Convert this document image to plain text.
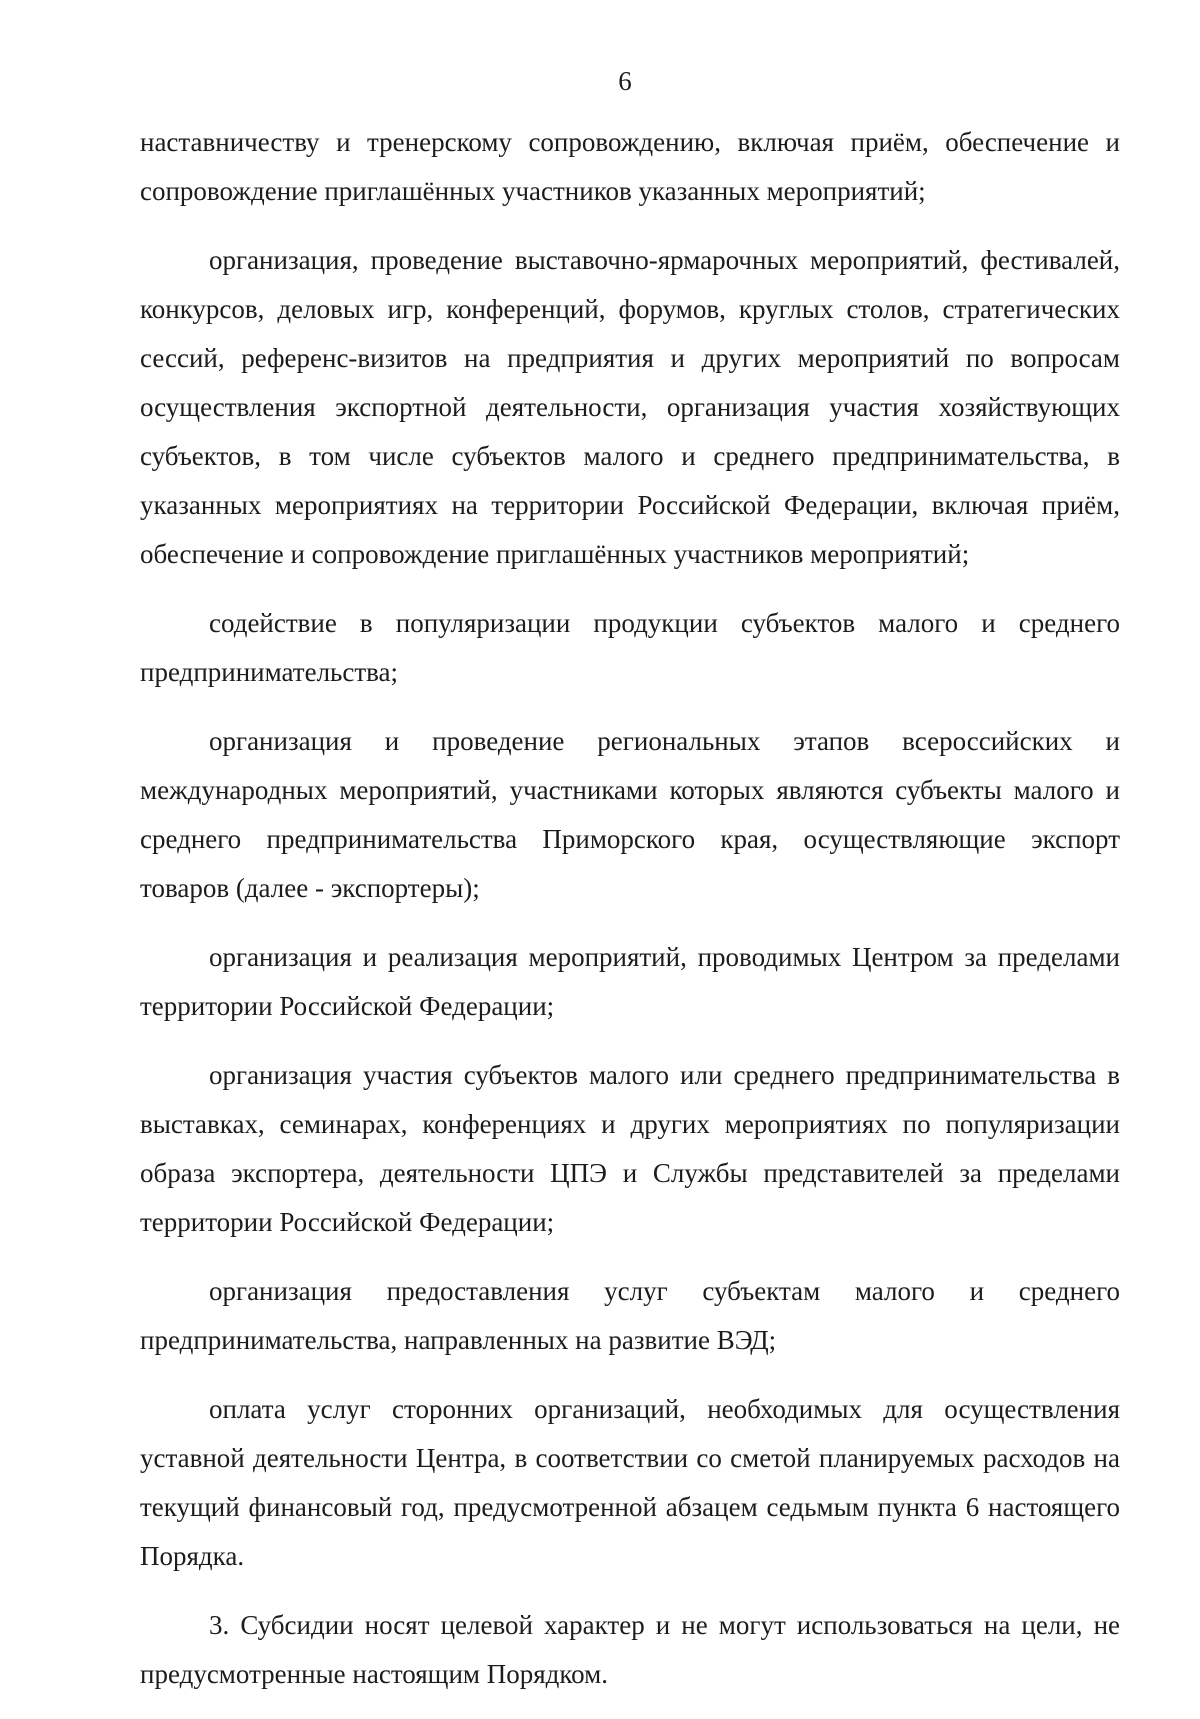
6

наставничеству и тренерскому сопровождению, включая приём, обеспечение и сопровождение приглашённых участников указанных мероприятий;

организация, проведение выставочно-ярмарочных мероприятий, фестивалей, конкурсов, деловых игр, конференций, форумов, круглых столов, стратегических сессий, референс-визитов на предприятия и других мероприятий по вопросам осуществления экспортной деятельности, организация участия хозяйствующих субъектов, в том числе субъектов малого и среднего предпринимательства, в указанных мероприятиях на территории Российской Федерации, включая приём, обеспечение и сопровождение приглашённых участников мероприятий;

содействие в популяризации продукции субъектов малого и среднего предпринимательства;

организация и проведение региональных этапов всероссийских и международных мероприятий, участниками которых являются субъекты малого и среднего предпринимательства Приморского края, осуществляющие экспорт товаров (далее - экспортеры);

организация и реализация мероприятий, проводимых Центром за пределами территории Российской Федерации;

организация участия субъектов малого или среднего предпринимательства в выставках, семинарах, конференциях и других мероприятиях по популяризации образа экспортера, деятельности ЦПЭ и Службы представителей за пределами территории Российской Федерации;

организация предоставления услуг субъектам малого и среднего предпринимательства, направленных на развитие ВЭД;

оплата услуг сторонних организаций, необходимых для осуществления уставной деятельности Центра, в соответствии со сметой планируемых расходов на текущий финансовый год, предусмотренной абзацем седьмым пункта 6 настоящего Порядка.

3. Субсидии носят целевой характер и не могут использоваться на цели, не предусмотренные настоящим Порядком.
